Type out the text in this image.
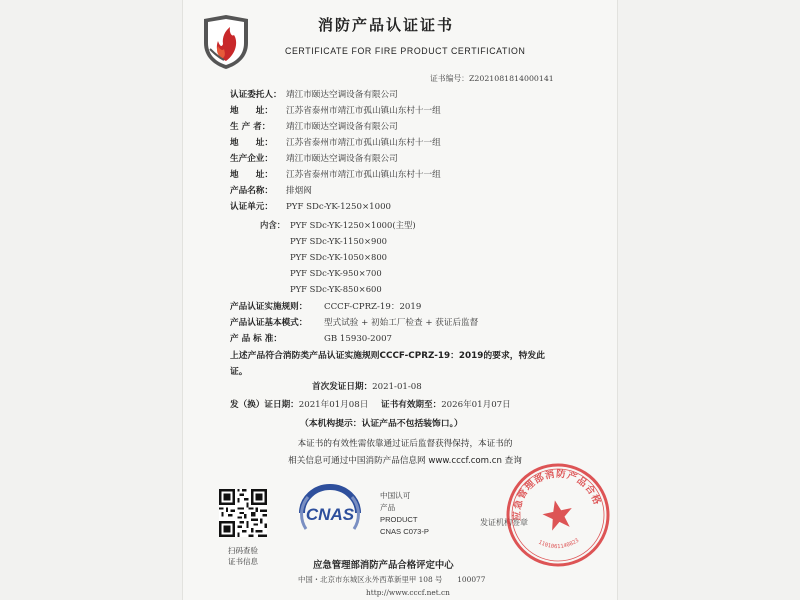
消防产品认证证书
CERTIFICATE FOR FIRE PRODUCT CERTIFICATION
证书编号：Z2021081814000141
认证委托人： 靖江市颐达空调设备有限公司
地　　址： 江苏省泰州市靖江市孤山镇山东村十一组
生 产 者： 靖江市颐达空调设备有限公司
地　　址： 江苏省泰州市靖江市孤山镇山东村十一组
生产企业： 靖江市颐达空调设备有限公司
地　　址： 江苏省泰州市靖江市孤山镇山东村十一组
产品名称： 排烟阀
认证单元： PYF SDc-YK-1250×1000
内含： PYF SDc-YK-1250×1000(主型)
PYF SDc-YK-1150×900
PYF SDc-YK-1050×800
PYF SDc-YK-950×700
PYF SDc-YK-850×600
产品认证实施规则： CCCF-CPRZ-19：2019
产品认证基本模式： 型式试验 + 初始工厂检查 + 获证后监督
产 品 标 准：	GB 15930-2007
上述产品符合消防类产品认证实施规则CCCF-CPRZ-19：2019的要求，特发此证。
首次发证日期：2021-01-08
发（换）证日期：2021年01月08日 证书有效期至：2026年01月07日
（本机构提示：认证产品不包括装饰口。）
本证书的有效性需依靠通过证后监督获得保持，本证书的
相关信息可通过中国消防产品信息网 www.cccf.com.cn 查询
扫码查验
证书信息
CNAS
中国认可
产品
PRODUCT
CNAS C073-P
发证机构签章
应急管理部消防产品合格评定中心
1101061140823
应急管理部消防产品合格评定中心
中国・北京市东城区永外西革新里甲 108 号　　100077
http://www.cccf.net.cn
